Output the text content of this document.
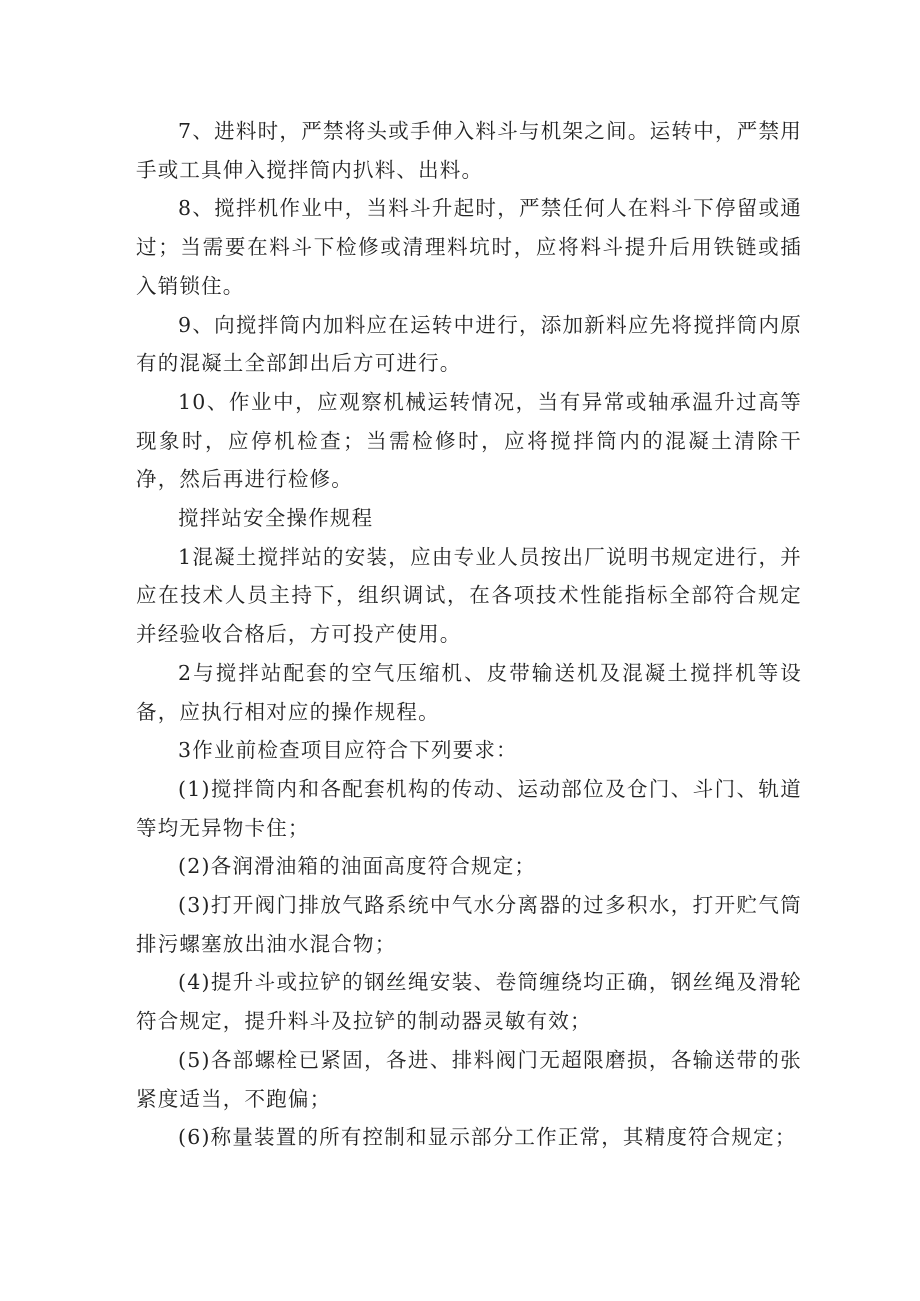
7、进料时，严禁将头或手伸入料斗与机架之间。运转中，严禁用手或工具伸入搅拌筒内扒料、出料。

8、搅拌机作业中，当料斗升起时，严禁任何人在料斗下停留或通过；当需要在料斗下检修或清理料坑时，应将料斗提升后用铁链或插入销锁住。

9、向搅拌筒内加料应在运转中进行，添加新料应先将搅拌筒内原有的混凝土全部卸出后方可进行。

10、作业中，应观察机械运转情况，当有异常或轴承温升过高等现象时，应停机检查；当需检修时，应将搅拌筒内的混凝土清除干净，然后再进行检修。

搅拌站安全操作规程

1混凝土搅拌站的安装，应由专业人员按出厂说明书规定进行，并应在技术人员主持下，组织调试，在各项技术性能指标全部符合规定并经验收合格后，方可投产使用。

2与搅拌站配套的空气压缩机、皮带输送机及混凝土搅拌机等设备，应执行相对应的操作规程。

3作业前检查项目应符合下列要求：

(1)搅拌筒内和各配套机构的传动、运动部位及仓门、斗门、轨道等均无异物卡住；

(2)各润滑油箱的油面高度符合规定；

(3)打开阀门排放气路系统中气水分离器的过多积水，打开贮气筒排污螺塞放出油水混合物；

(4)提升斗或拉铲的钢丝绳安装、卷筒缠绕均正确，钢丝绳及滑轮符合规定，提升料斗及拉铲的制动器灵敏有效；

(5)各部螺栓已紧固，各进、排料阀门无超限磨损，各输送带的张紧度适当，不跑偏；

(6)称量装置的所有控制和显示部分工作正常，其精度符合规定；
